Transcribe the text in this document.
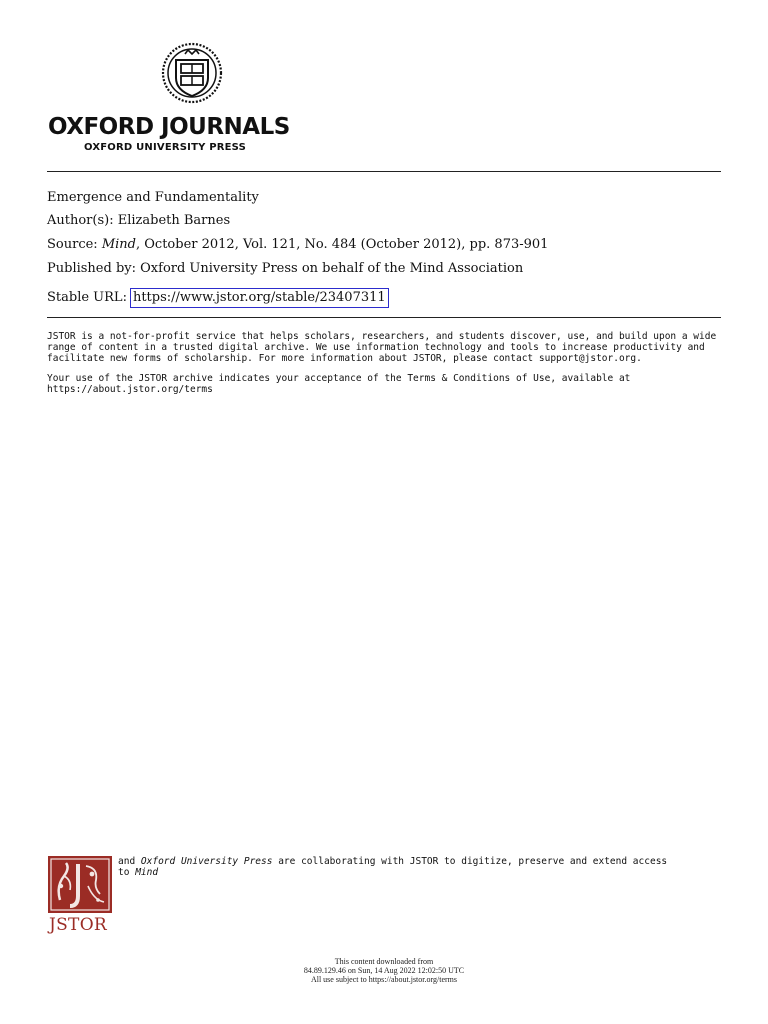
OXFORD JOURNALS
OXFORD UNIVERSITY PRESS
Emergence and Fundamentality
Author(s): Elizabeth Barnes
Source: Mind, October 2012, Vol. 121, No. 484 (October 2012), pp. 873-901
Published by: Oxford University Press on behalf of the Mind Association
Stable URL: https://www.jstor.org/stable/23407311
JSTOR is a not-for-profit service that helps scholars, researchers, and students discover, use, and build upon a wide range of content in a trusted digital archive. We use information technology and tools to increase productivity and facilitate new forms of scholarship. For more information about JSTOR, please contact support@jstor.org.
Your use of the JSTOR archive indicates your acceptance of the Terms & Conditions of Use, available at https://about.jstor.org/terms
JSTOR
and Oxford University Press are collaborating with JSTOR to digitize, preserve and extend access to Mind
This content downloaded from
84.89.129.46 on Sun, 14 Aug 2022 12:02:50 UTC
All use subject to https://about.jstor.org/terms
